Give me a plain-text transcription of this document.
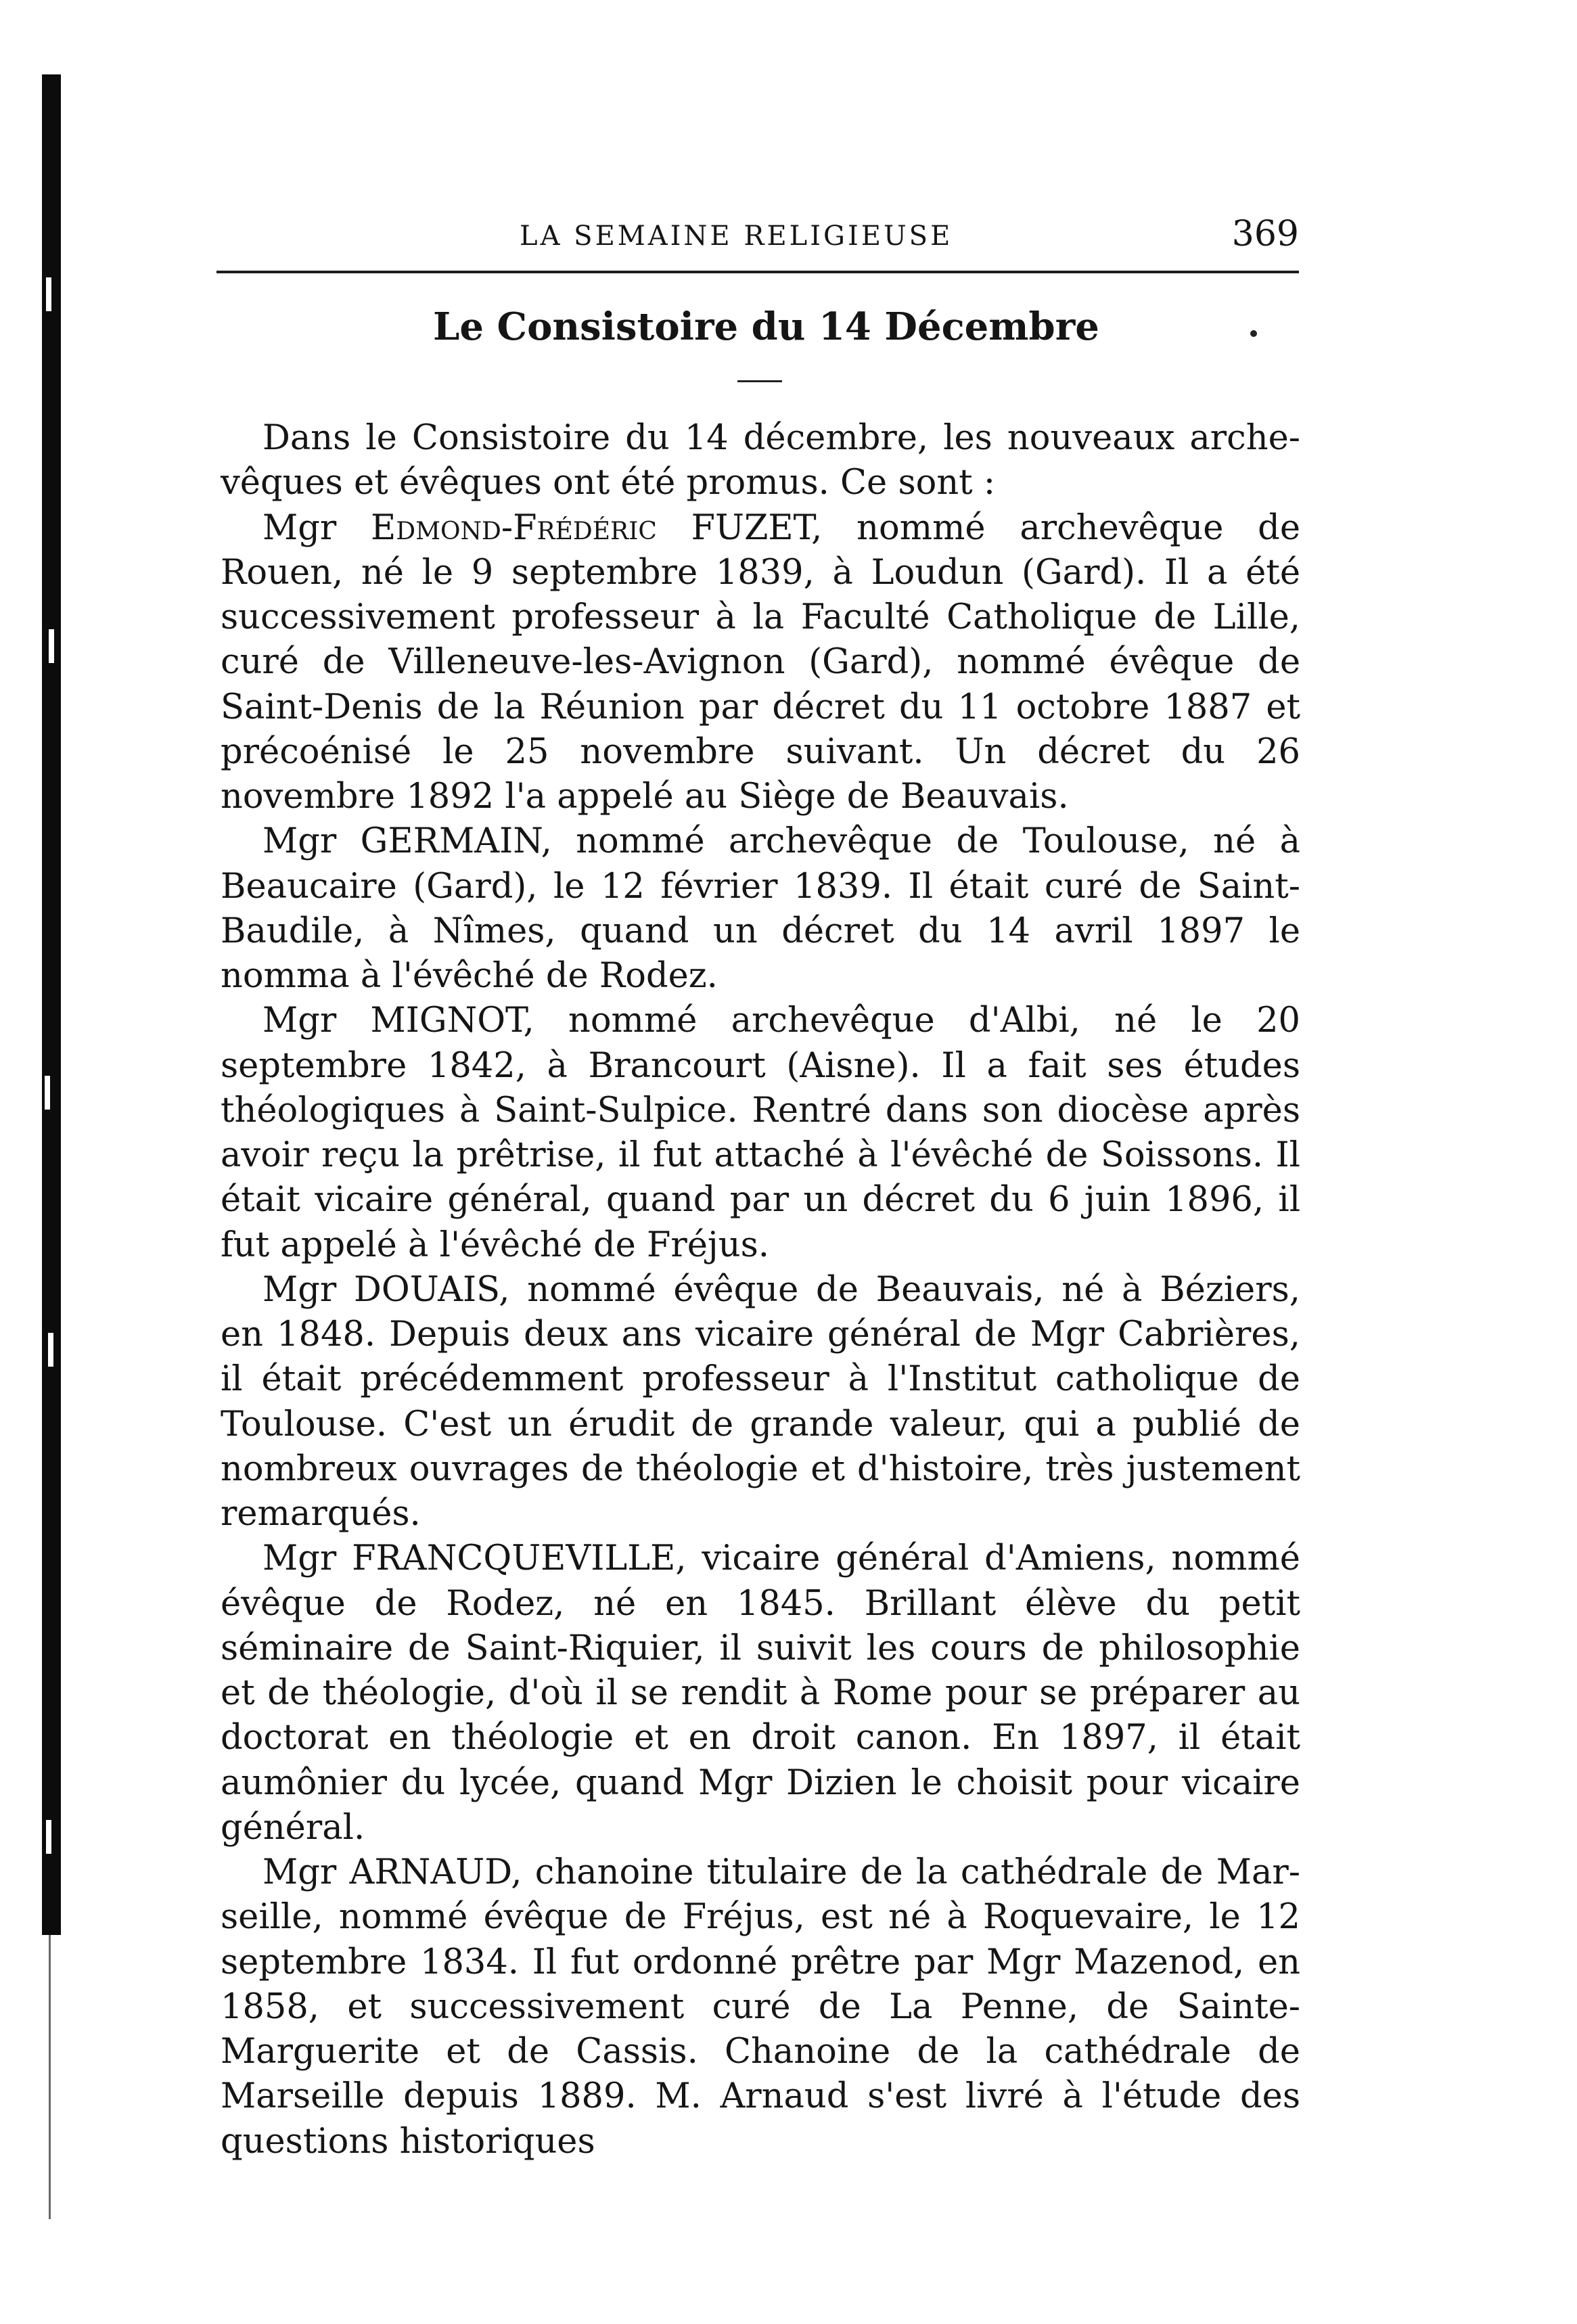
LA SEMAINE RELIGIEUSE	369
Le Consistoire du 14 Décembre

Dans le Consistoire du 14 décembre, les nouveaux archevêques et évêques ont été promus. Ce sont :

Mgr Edmond-Frédéric FUZET, nommé archevêque de Rouen, né le 9 septembre 1839, à Loudun (Gard). Il a été successivement professeur à la Faculté Catholique de Lille, curé de Villeneuve-les-Avignon (Gard), nommé évêque de Saint-Denis de la Réunion par décret du 11 octobre 1887 et précoénisé le 25 novembre suivant. Un décret du 26 novembre 1892 l'a appelé au Siège de Beauvais.

Mgr GERMAIN, nommé archevêque de Toulouse, né à Beaucaire (Gard), le 12 février 1839. Il était curé de Saint-Baudile, à Nîmes, quand un décret du 14 avril 1897 le nomma à l'évêché de Rodez.

Mgr MIGNOT, nommé archevêque d'Albi, né le 20 septembre 1842, à Brancourt (Aisne). Il a fait ses études théologiques à Saint-Sulpice. Rentré dans son diocèse après avoir reçu la prêtrise, il fut attaché à l'évêché de Soissons. Il était vicaire général, quand par un décret du 6 juin 1896, il fut appelé à l'évêché de Fréjus.

Mgr DOUAIS, nommé évêque de Beauvais, né à Béziers, en 1848. Depuis deux ans vicaire général de Mgr Cabrières, il était précédemment professeur à l'Institut catholique de Toulouse. C'est un érudit de grande valeur, qui a publié de nombreux ouvrages de théologie et d'histoire, très justement remarqués.

Mgr FRANCQUEVILLE, vicaire général d'Amiens, nommé évêque de Rodez, né en 1845. Brillant élève du petit séminaire de Saint-Riquier, il suivit les cours de philosophie et de théologie, d'où il se rendit à Rome pour se préparer au doctorat en théologie et en droit canon. En 1897, il était aumônier du lycée, quand Mgr Dizien le choisit pour vicaire général.

Mgr ARNAUD, chanoine titulaire de la cathédrale de Marseille, nommé évêque de Fréjus, est né à Roquevaire, le 12 septembre 1834. Il fut ordonné prêtre par Mgr Mazenod, en 1858, et successivement curé de La Penne, de Sainte-Marguerite et de Cassis. Chanoine de la cathédrale de Marseille depuis 1889. M. Arnaud s'est livré à l'étude des questions historiques
